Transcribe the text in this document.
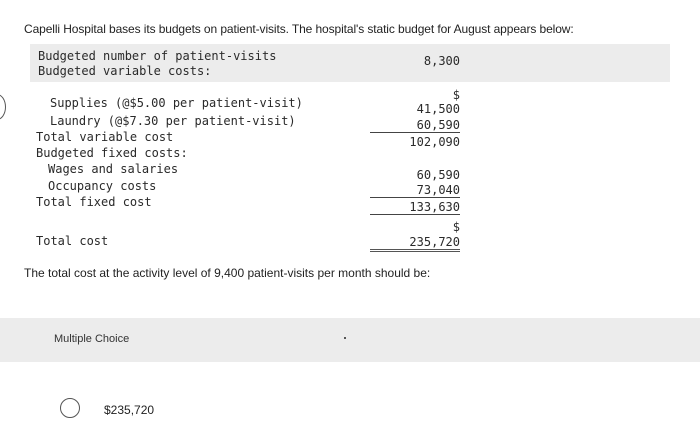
Capelli Hospital bases its budgets on patient-visits. The hospital's static budget for August appears below:
Budgeted number of patient-visits	8,300
Budgeted variable costs:
$
Supplies (@$5.00 per patient-visit)	41,500
Laundry (@$7.30 per patient-visit)	60,590
Total variable cost	102,090
Budgeted fixed costs:
Wages and salaries	60,590
Occupancy costs	73,040
Total fixed cost	133,630
$
Total cost	235,720
The total cost at the activity level of 9,400 patient-visits per month should be:
Multiple Choice
$235,720
